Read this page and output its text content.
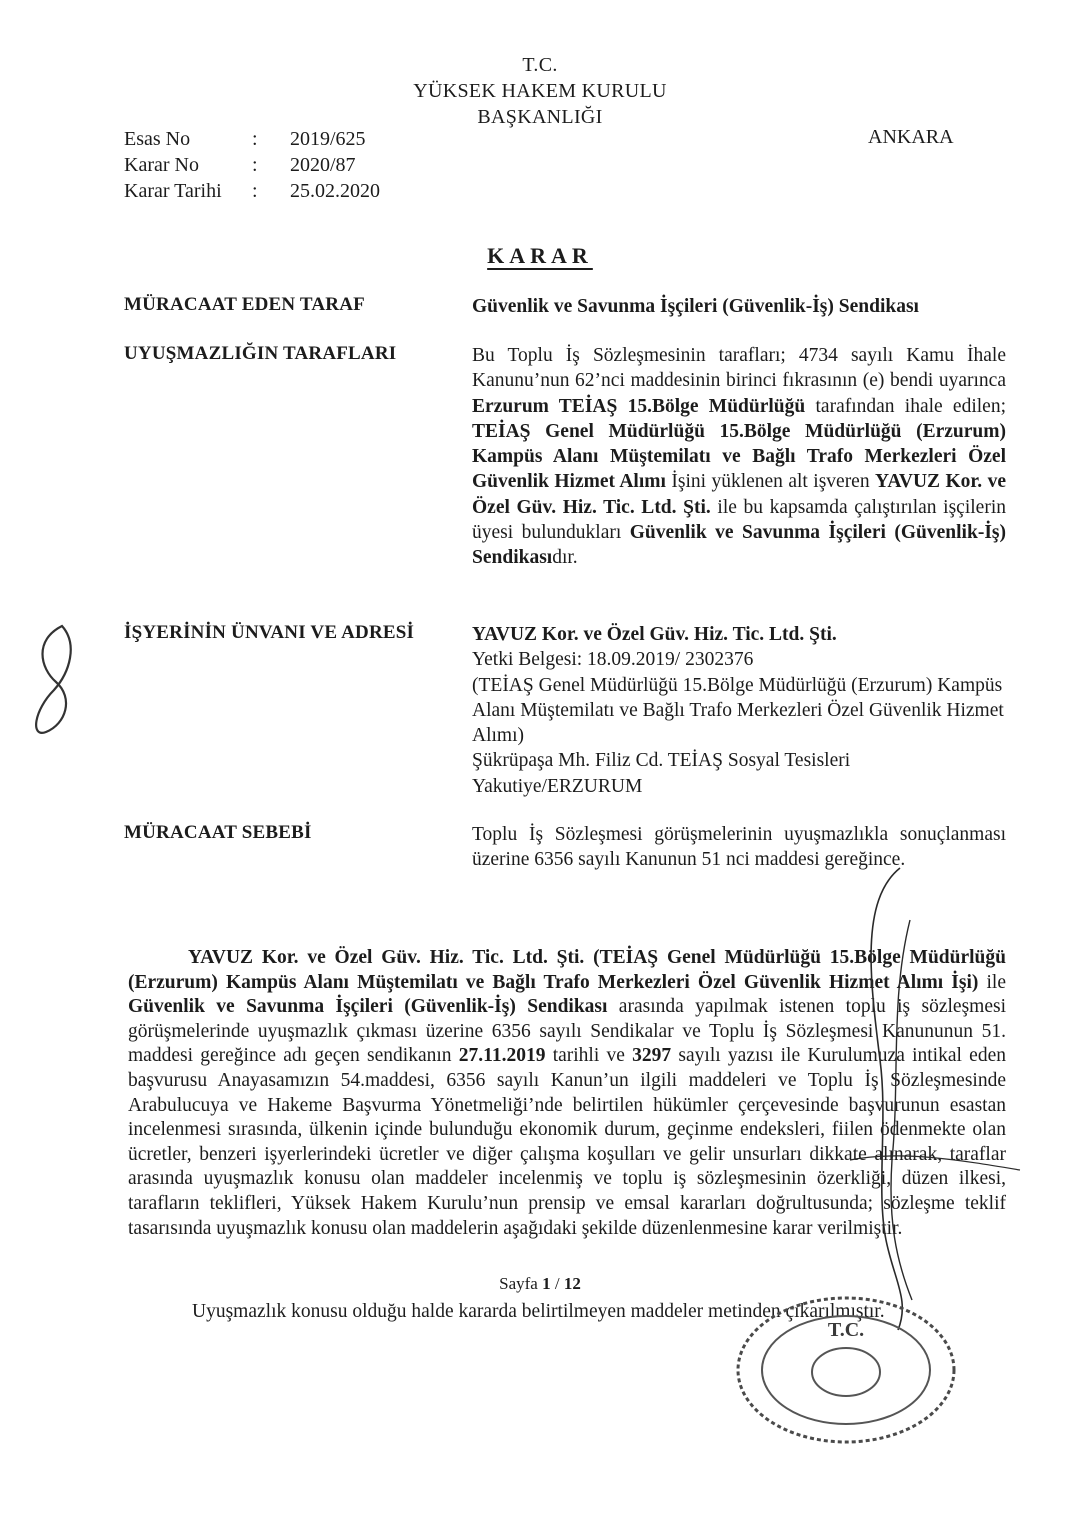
T.C.
YÜKSEK HAKEM KURULU
BAŞKANLIĞI
Esas No	:	2019/625
Karar No	:	2020/87
Karar Tarihi	:	25.02.2020
ANKARA
KARAR
MÜRACAAT EDEN TARAF	Güvenlik ve Savunma İşçileri (Güvenlik-İş) Sendikası
UYUŞMAZLIĞIN TARAFLARI	Bu Toplu İş Sözleşmesinin tarafları; 4734 sayılı Kamu İhale Kanunu’nun 62’nci maddesinin birinci fıkrasının (e) bendi uyarınca Erzurum TEİAŞ 15.Bölge Müdürlüğü tarafından ihale edilen; TEİAŞ Genel Müdürlüğü 15.Bölge Müdürlüğü (Erzurum) Kampüs Alanı Müştemilatı ve Bağlı Trafo Merkezleri Özel Güvenlik Hizmet Alımı İşini yüklenen alt işveren YAVUZ Kor. ve Özel Güv. Hiz. Tic. Ltd. Şti. ile bu kapsamda çalıştırılan işçilerin üyesi bulundukları Güvenlik ve Savunma İşçileri (Güvenlik-İş) Sendikasıdır.
İŞYERİNİN ÜNVANI VE ADRESİ	YAVUZ Kor. ve Özel Güv. Hiz. Tic. Ltd. Şti.
Yetki Belgesi: 18.09.2019/ 2302376
(TEİAŞ Genel Müdürlüğü 15.Bölge Müdürlüğü (Erzurum) Kampüs Alanı Müştemilatı ve Bağlı Trafo Merkezleri Özel Güvenlik Hizmet Alımı)
Şükrüpaşa Mh. Filiz Cd. TEİAŞ Sosyal Tesisleri
Yakutiye/ERZURUM
MÜRACAAT SEBEBİ	Toplu İş Sözleşmesi görüşmelerinin uyuşmazlıkla sonuçlanması üzerine 6356 sayılı Kanunun 51 nci maddesi gereğince.
YAVUZ Kor. ve Özel Güv. Hiz. Tic. Ltd. Şti. (TEİAŞ Genel Müdürlüğü 15.Bölge Müdürlüğü (Erzurum) Kampüs Alanı Müştemilatı ve Bağlı Trafo Merkezleri Özel Güvenlik Hizmet Alımı İşi) ile Güvenlik ve Savunma İşçileri (Güvenlik-İş) Sendikası arasında yapılmak istenen toplu iş sözleşmesi görüşmelerinde uyuşmazlık çıkması üzerine 6356 sayılı Sendikalar ve Toplu İş Sözleşmesi Kanununun 51. maddesi gereğince adı geçen sendikanın 27.11.2019 tarihli ve 3297 sayılı yazısı ile Kurulumuza intikal eden başvurusu Anayasamızın 54.maddesi, 6356 sayılı Kanun’un ilgili maddeleri ve Toplu İş Sözleşmesinde Arabulucuya ve Hakeme Başvurma Yönetmeliği’nde belirtilen hükümler çerçevesinde başvurunun esastan incelenmesi sırasında, ülkenin içinde bulunduğu ekonomik durum, geçinme endeksleri, fiilen ödenmekte olan ücretler, benzeri işyerlerindeki ücretler ve diğer çalışma koşulları ve gelir unsurları dikkate alınarak, taraflar arasında uyuşmazlık konusu olan maddeler incelenmiş ve toplu iş sözleşmesinin özerkliği, düzen ilkesi, tarafların teklifleri, Yüksek Hakem Kurulu’nun prensip ve emsal kararları doğrultusunda; sözleşme teklif tasarısında uyuşmazlık konusu olan maddelerin aşağıdaki şekilde düzenlenmesine karar verilmiştir.
Uyuşmazlık konusu olduğu halde kararda belirtilmeyen maddeler metinden çıkarılmıştır.
Sayfa 1 / 12
T.C.
